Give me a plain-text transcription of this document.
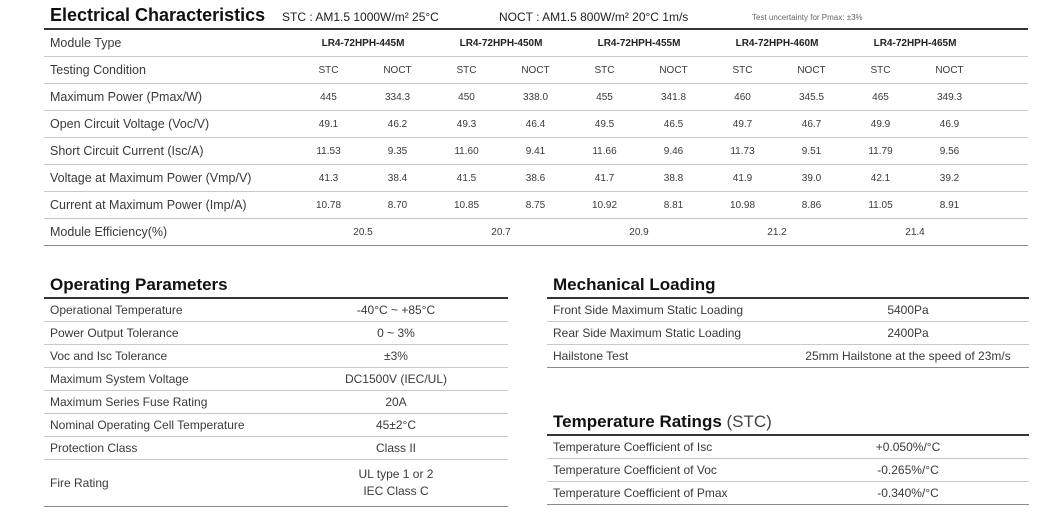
Electrical Characteristics STC : AM1.5 1000W/m² 25°C	NOCT : AM1.5 800W/m² 20°C 1m/s	Test uncertainty for Pmax: ±3%
Module Type	LR4-72HPH-445M		LR4-72HPH-450M		LR4-72HPH-455M		LR4-72HPH-460M		LR4-72HPH-465M		
Testing Condition	STC	NOCT	STC	NOCT	STC	NOCT	STC	NOCT	STC	NOCT	
Maximum Power (Pmax/W)	445	334.3	450	338.0	455	341.8	460	345.5	465	349.3	
Open Circuit Voltage (Voc/V)	49.1	46.2	49.3	46.4	49.5	46.5	49.7	46.7	49.9	46.9	
Short Circuit Current (Isc/A)	11.53	9.35	11.60	9.41	11.66	9.46	11.73	9.51	11.79	9.56	
Voltage at Maximum Power (Vmp/V)	41.3	38.4	41.5	38.6	41.7	38.8	41.9	39.0	42.1	39.2	
Current at Maximum Power (Imp/A)	10.78	8.70	10.85	8.75	10.92	8.81	10.98	8.86	11.05	8.91	
Module Efficiency(%)	20.5		20.7		20.9		21.2		21.4		
Operating Parameters
Operational Temperature	-40°C ~ +85°C
Power Output Tolerance	0 ~ 3%
Voc and Isc Tolerance	±3%
Maximum System Voltage	DC1500V (IEC/UL)
Maximum Series Fuse Rating	20A
Nominal Operating Cell Temperature	45±2°C
Protection Class	Class II
Fire Rating	UL type 1 or 2
IEC Class C
Mechanical Loading
Front Side Maximum Static Loading	5400Pa
Rear Side Maximum Static Loading	2400Pa
Hailstone Test	25mm Hailstone at the speed of 23m/s
Temperature Ratings (STC)
Temperature Coefficient of Isc	+0.050%/°C
Temperature Coefficient of Voc	-0.265%/°C
Temperature Coefficient of Pmax	-0.340%/°C
